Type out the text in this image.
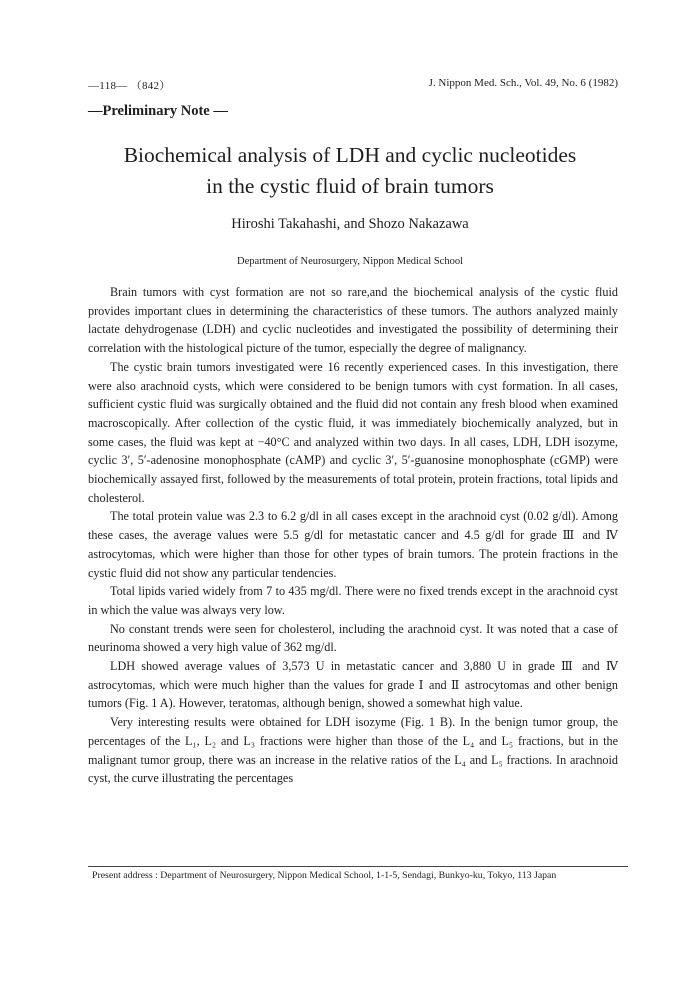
—118— （842）	J. Nippon Med. Sch., Vol. 49, No. 6 (1982)
—Preliminary Note —
Biochemical analysis of LDH and cyclic nucleotides
in the cystic fluid of brain tumors
Hiroshi Takahashi, and Shozo Nakazawa
Department of Neurosurgery, Nippon Medical School

Brain tumors with cyst formation are not so rare,and the biochemical analysis of the cystic fluid provides important clues in determining the characteristics of these tumors. The authors analyzed mainly lactate dehydrogenase (LDH) and cyclic nucleotides and investigated the possibility of determining their correlation with the histological picture of the tumor, especially the degree of malignancy.

The cystic brain tumors investigated were 16 recently experienced cases. In this investigation, there were also arachnoid cysts, which were considered to be benign tumors with cyst formation. In all cases, sufficient cystic fluid was surgically obtained and the fluid did not contain any fresh blood when examined macroscopically. After collection of the cystic fluid, it was immediately biochemically analyzed, but in some cases, the fluid was kept at −40°C and analyzed within two days. In all cases, LDH, LDH isozyme, cyclic 3′, 5′-adenosine monophosphate (cAMP) and cyclic 3′, 5′-guanosine monophosphate (cGMP) were biochemically assayed first, followed by the measurements of total protein, protein fractions, total lipids and cholesterol.

The total protein value was 2.3 to 6.2 g/dl in all cases except in the arachnoid cyst (0.02 g/dl). Among these cases, the average values were 5.5 g/dl for metastatic cancer and 4.5 g/dl for grade Ⅲ and Ⅳ astrocytomas, which were higher than those for other types of brain tumors. The protein fractions in the cystic fluid did not show any particular tendencies.

Total lipids varied widely from 7 to 435 mg/dl. There were no fixed trends except in the arachnoid cyst in which the value was always very low.

No constant trends were seen for cholesterol, including the arachnoid cyst. It was noted that a case of neurinoma showed a very high value of 362 mg/dl.

LDH showed average values of 3,573 U in metastatic cancer and 3,880 U in grade Ⅲ and Ⅳ astrocytomas, which were much higher than the values for grade Ⅰ and Ⅱ astrocytomas and other benign tumors (Fig. 1 A). However, teratomas, although benign, showed a somewhat high value.

Very interesting results were obtained for LDH isozyme (Fig. 1 B). In the benign tumor group, the percentages of the L₁, L₂ and L₃ fractions were higher than those of the L₄ and L₅ fractions, but in the malignant tumor group, there was an increase in the relative ratios of the L₄ and L₅ fractions. In arachnoid cyst, the curve illustrating the percentages

Present address : Department of Neurosurgery, Nippon Medical School, 1-1-5, Sendagi, Bunkyo-ku, Tokyo, 113 Japan
